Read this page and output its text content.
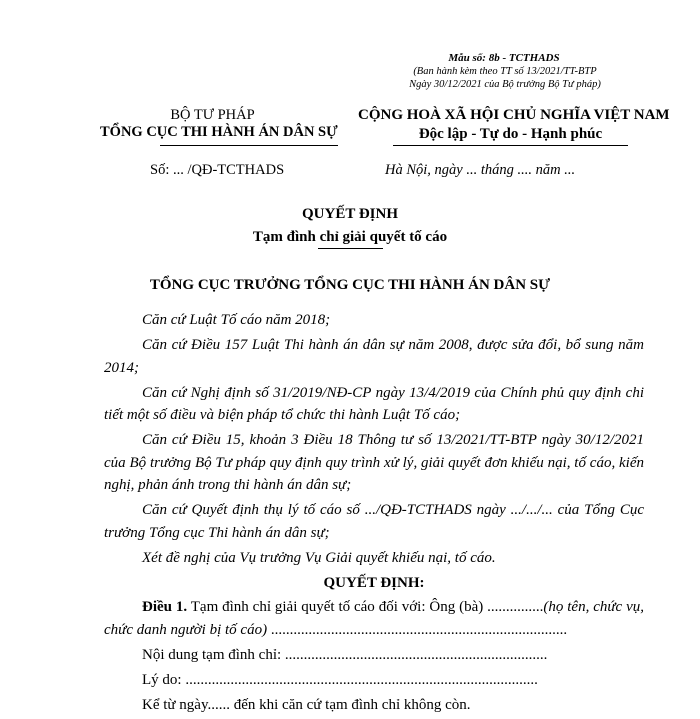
Mẫu số: 8b - TCTHADS
(Ban hành kèm theo TT số 13/2021/TT-BTP
Ngày 30/12/2021 của Bộ trưởng Bộ Tư pháp)
BỘ TƯ PHÁP
TỔNG CỤC THI HÀNH ÁN DÂN SỰ
CỘNG HOÀ XÃ HỘI CHỦ NGHĨA VIỆT NAM
Độc lập - Tự do - Hạnh phúc
Số: ... /QĐ-TCTHADS	Hà Nội, ngày ... tháng .... năm ...
QUYẾT ĐỊNH
Tạm đình chỉ giải quyết tố cáo
TỔNG CỤC TRƯỞNG TỔNG CỤC THI HÀNH ÁN DÂN SỰ

Căn cứ Luật Tố cáo năm 2018;

Căn cứ Điều 157 Luật Thi hành án dân sự năm 2008, được sửa đổi, bổ sung năm 2014;

Căn cứ Nghị định số 31/2019/NĐ-CP ngày 13/4/2019 của Chính phủ quy định chi tiết một số điều và biện pháp tổ chức thi hành Luật Tố cáo;

Căn cứ Điều 15, khoản 3 Điều 18 Thông tư số 13/2021/TT-BTP ngày 30/12/2021 của Bộ trưởng Bộ Tư pháp quy định quy trình xử lý, giải quyết đơn khiếu nại, tố cáo, kiến nghị, phản ánh trong thi hành án dân sự;

Căn cứ Quyết định thụ lý tố cáo số .../QĐ-TCTHADS ngày .../.../... của Tổng Cục trưởng Tổng cục Thi hành án dân sự;

Xét đề nghị của Vụ trưởng Vụ Giải quyết khiếu nại, tố cáo.

QUYẾT ĐỊNH:

Điều 1. Tạm đình chỉ giải quyết tố cáo đối với: Ông (bà) ...............(họ tên, chức vụ, chức danh người bị tố cáo) ...............................................................................

Nội dung tạm đình chỉ: ......................................................................

Lý do: ..............................................................................................

Kể từ ngày...... đến khi căn cứ tạm đình chỉ không còn.
